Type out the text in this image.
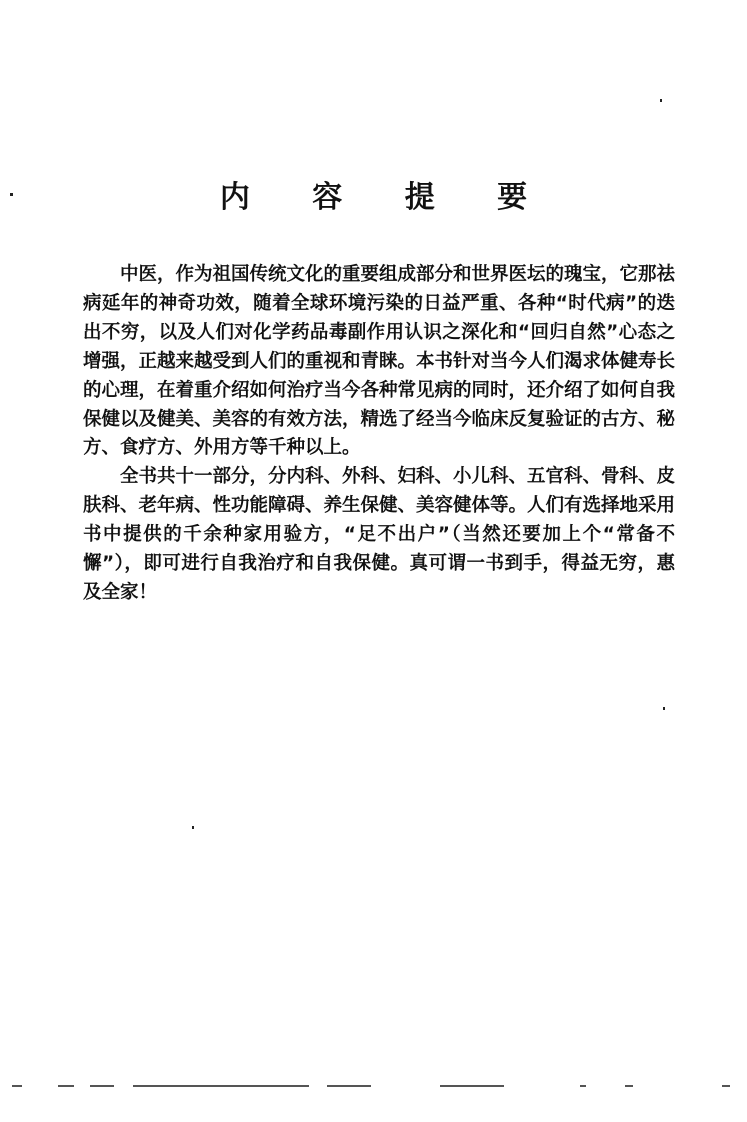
内 容 提 要

中医，作为祖国传统文化的重要组成部分和世界医坛的瑰宝，它那祛病延年的神奇功效，随着全球环境污染的日益严重、各种“时代病”的迭出不穷，以及人们对化学药品毒副作用认识之深化和“回归自然”心态之增强，正越来越受到人们的重视和青睐。本书针对当今人们渴求体健寿长的心理，在着重介绍如何治疗当今各种常见病的同时，还介绍了如何自我保健以及健美、美容的有效方法，精选了经当今临床反复验证的古方、秘方、食疗方、外用方等千种以上。

全书共十一部分，分内科、外科、妇科、小儿科、五官科、骨科、皮肤科、老年病、性功能障碍、养生保健、美容健体等。人们有选择地采用书中提供的千余种家用验方，“足不出户”（当然还要加上个“常备不懈”），即可进行自我治疗和自我保健。真可谓一书到手，得益无穷，惠及全家！
